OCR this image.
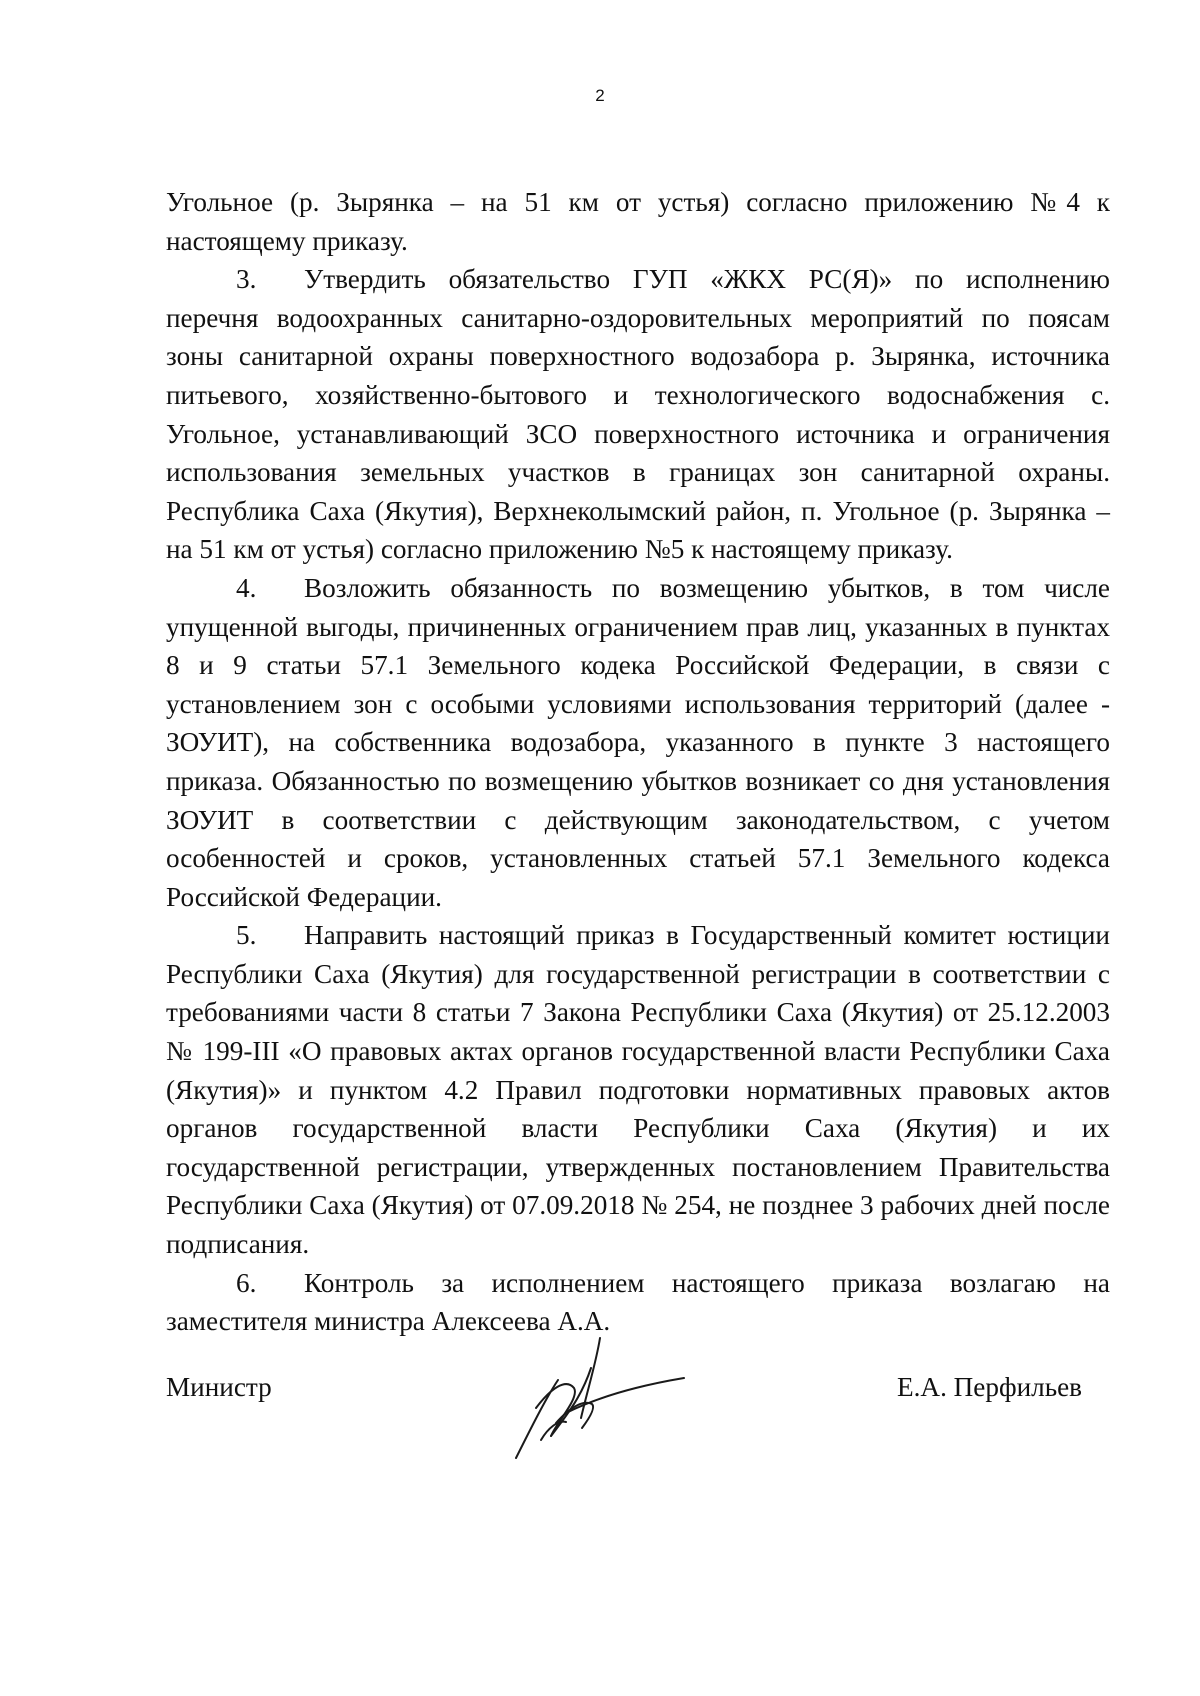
2

Угольное (р. Зырянка – на 51 км от устья) согласно приложению №4 к настоящему приказу.

3. Утвердить обязательство ГУП «ЖКХ РС(Я)» по исполнению перечня водоохранных санитарно-оздоровительных мероприятий по поясам зоны санитарной охраны поверхностного водозабора р. Зырянка, источника питьевого, хозяйственно-бытового и технологического водоснабжения с. Угольное, устанавливающий ЗСО поверхностного источника и ограничения использования земельных участков в границах зон санитарной охраны. Республика Саха (Якутия), Верхнеколымский район, п. Угольное (р. Зырянка – на 51 км от устья) согласно приложению №5 к настоящему приказу.

4. Возложить обязанность по возмещению убытков, в том числе упущенной выгоды, причиненных ограничением прав лиц, указанных в пунктах 8 и 9 статьи 57.1 Земельного кодека Российской Федерации, в связи с установлением зон с особыми условиями использования территорий (далее - ЗОУИТ), на собственника водозабора, указанного в пункте 3 настоящего приказа. Обязанностью по возмещению убытков возникает со дня установления ЗОУИТ в соответствии с действующим законодательством, с учетом особенностей и сроков, установленных статьей 57.1 Земельного кодекса Российской Федерации.

5. Направить настоящий приказ в Государственный комитет юстиции Республики Саха (Якутия) для государственной регистрации в соответствии с требованиями части 8 статьи 7 Закона Республики Саха (Якутия) от 25.12.2003 № 199-III «О правовых актах органов государственной власти Республики Саха (Якутия)» и пунктом 4.2 Правил подготовки нормативных правовых актов органов государственной власти Республики Саха (Якутия) и их государственной регистрации, утвержденных постановлением Правительства Республики Саха (Якутия) от 07.09.2018 № 254, не позднее 3 рабочих дней после подписания.

6. Контроль за исполнением настоящего приказа возлагаю на заместителя министра Алексеева А.А.

Министр	Е.А. Перфильев
